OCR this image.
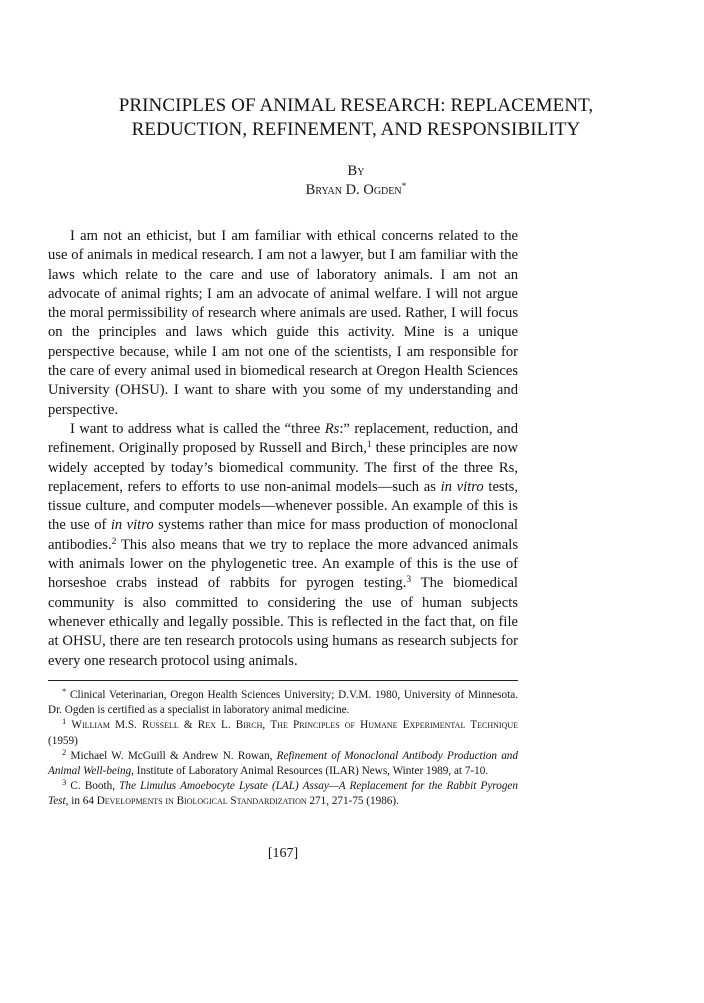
PRINCIPLES OF ANIMAL RESEARCH: REPLACEMENT,
REDUCTION, REFINEMENT, AND RESPONSIBILITY
By
Bryan D. Ogden*

I am not an ethicist, but I am familiar with ethical concerns related to the use of animals in medical research. I am not a lawyer, but I am familiar with the laws which relate to the care and use of laboratory animals. I am not an advocate of animal rights; I am an advocate of animal welfare. I will not argue the moral permissibility of research where animals are used. Rather, I will focus on the principles and laws which guide this activity. Mine is a unique perspective because, while I am not one of the scientists, I am responsible for the care of every animal used in biomedical research at Oregon Health Sciences University (OHSU). I want to share with you some of my understanding and perspective.

I want to address what is called the “three Rs:” replacement, reduction, and refinement. Originally proposed by Russell and Birch,$^1$ these principles are now widely accepted by today’s biomedical community. The first of the three Rs, replacement, refers to efforts to use non-animal models—such as in vitro tests, tissue culture, and computer models—whenever possible. An example of this is the use of in vitro systems rather than mice for mass production of monoclonal antibodies.$^2$ This also means that we try to replace the more advanced animals with animals lower on the phylogenetic tree. An example of this is the use of horseshoe crabs instead of rabbits for pyrogen testing.$^3$ The biomedical community is also committed to considering the use of human subjects whenever ethically and legally possible. This is reflected in the fact that, on file at OHSU, there are ten research protocols using humans as research subjects for every one research protocol using animals.

* Clinical Veterinarian, Oregon Health Sciences University; D.V.M. 1980, University of Minnesota. Dr. Ogden is certified as a specialist in laboratory animal medicine.

$^1$ William M.S. Russell & Rex L. Birch, The Principles of Humane Experimental Technique (1959)

$^2$ Michael W. McGuill & Andrew N. Rowan, Refinement of Monoclonal Antibody Production and Animal Well-being, Institute of Laboratory Animal Resources (ILAR) News, Winter 1989, at 7-10.

$^3$ C. Booth, The Limulus Amoebocyte Lysate (LAL) Assay—A Replacement for the Rabbit Pyrogen Test, in 64 Developments in Biological Standardization 271, 271-75 (1986).

[167]
